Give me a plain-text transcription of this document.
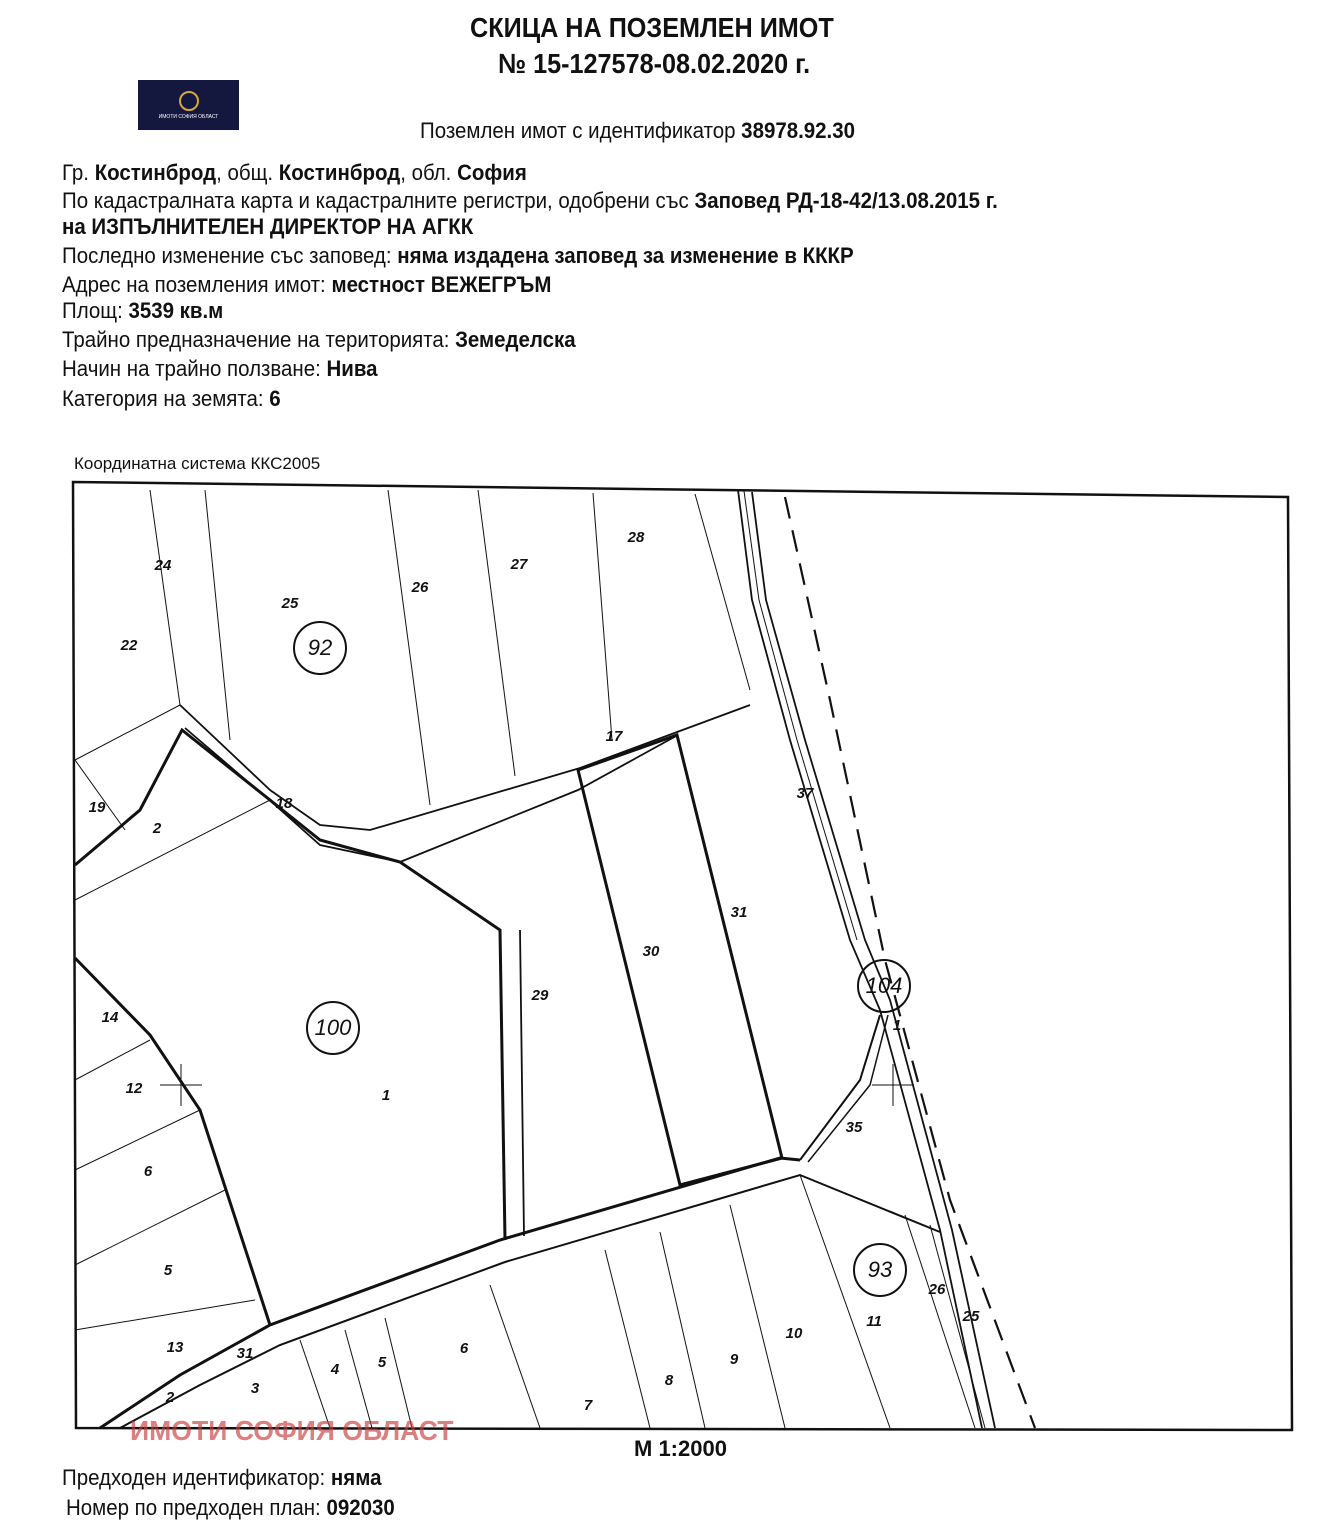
СКИЦА НА ПОЗЕМЛЕН ИМОТ
№ 15-127578-08.02.2020 г.
ИМОТИ СОФИЯ ОБЛАСТ
Поземлен имот с идентификатор 38978.92.30
Гр. Костинброд, общ. Костинброд, обл. София
По кадастралната карта и кадастралните регистри, одобрени със Заповед РД-18-42/13.08.2015 г.
на ИЗПЪЛНИТЕЛЕН ДИРЕКТОР НА АГКК
Последно изменение със заповед: няма издадена заповед за изменение в КККР
Адрес на поземления имот: местност ВЕЖЕГРЪМ
Площ: 3539 кв.м
Трайно предназначение на територията: Земеделска
Начин на трайно ползване: Нива
Категория на земята: 6
Координатна система ККС2005
92
100
104
93
24
22
25
26
27
28
17
18
19
2
37
31
30
29
14
12	1
1
35
6
5
13	31
4	5
6
3
2	7
8
9
10
11
26
25
ИМОТИ СОФИЯ ОБЛАСТ
М 1:2000
Предходен идентификатор: няма
Номер по предходен план: 092030
